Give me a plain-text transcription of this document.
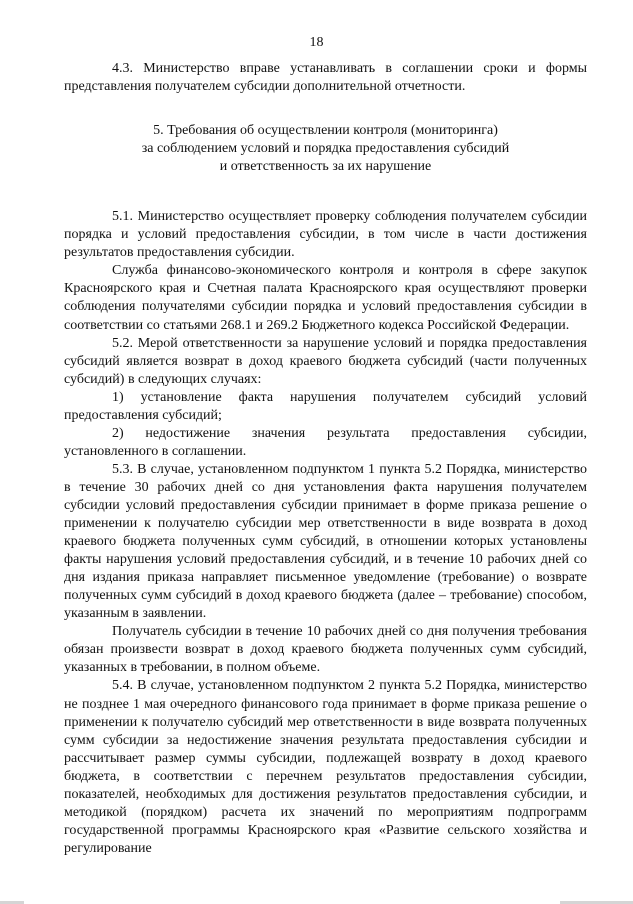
18

4.3. Министерство вправе устанавливать в соглашении сроки и формы представления получателем субсидии дополнительной отчетности.

5. Требования об осуществлении контроля (мониторинга)
за соблюдением условий и порядка предоставления субсидий
и ответственность за их нарушение

5.1. Министерство осуществляет проверку соблюдения получателем субсидии порядка и условий предоставления субсидии, в том числе в части достижения результатов предоставления субсидии.

Служба финансово-экономического контроля и контроля в сфере закупок Красноярского края и Счетная палата Красноярского края осуществляют проверки соблюдения получателями субсидии порядка и условий предоставления субсидии в соответствии со статьями 268.1 и 269.2 Бюджетного кодекса Российской Федерации.

5.2. Мерой ответственности за нарушение условий и порядка предоставления субсидий является возврат в доход краевого бюджета субсидий (части полученных субсидий) в следующих случаях:

1) установление факта нарушения получателем субсидий условий предоставления субсидий;

2) недостижение значения результата предоставления субсидии, установленного в соглашении.

5.3. В случае, установленном подпунктом 1 пункта 5.2 Порядка, министерство в течение 30 рабочих дней со дня установления факта нарушения получателем субсидии условий предоставления субсидии принимает в форме приказа решение о применении к получателю субсидии мер ответственности в виде возврата в доход краевого бюджета полученных сумм субсидий, в отношении которых установлены факты нарушения условий предоставления субсидий, и в течение 10 рабочих дней со дня издания приказа направляет письменное уведомление (требование) о возврате полученных сумм субсидий в доход краевого бюджета (далее – требование) способом, указанным в заявлении.

Получатель субсидии в течение 10 рабочих дней со дня получения требования обязан произвести возврат в доход краевого бюджета полученных сумм субсидий, указанных в требовании, в полном объеме.

5.4. В случае, установленном подпунктом 2 пункта 5.2 Порядка, министерство не позднее 1 мая очередного финансового года принимает в форме приказа решение о применении к получателю субсидий мер ответственности в виде возврата полученных сумм субсидии за недостижение значения результата предоставления субсидии и рассчитывает размер суммы субсидии, подлежащей возврату в доход краевого бюджета, в соответствии с перечнем результатов предоставления субсидии, показателей, необходимых для достижения результатов предоставления субсидии, и методикой (порядком) расчета их значений по мероприятиям подпрограмм государственной программы Красноярского края «Развитие сельского хозяйства и регулирование
